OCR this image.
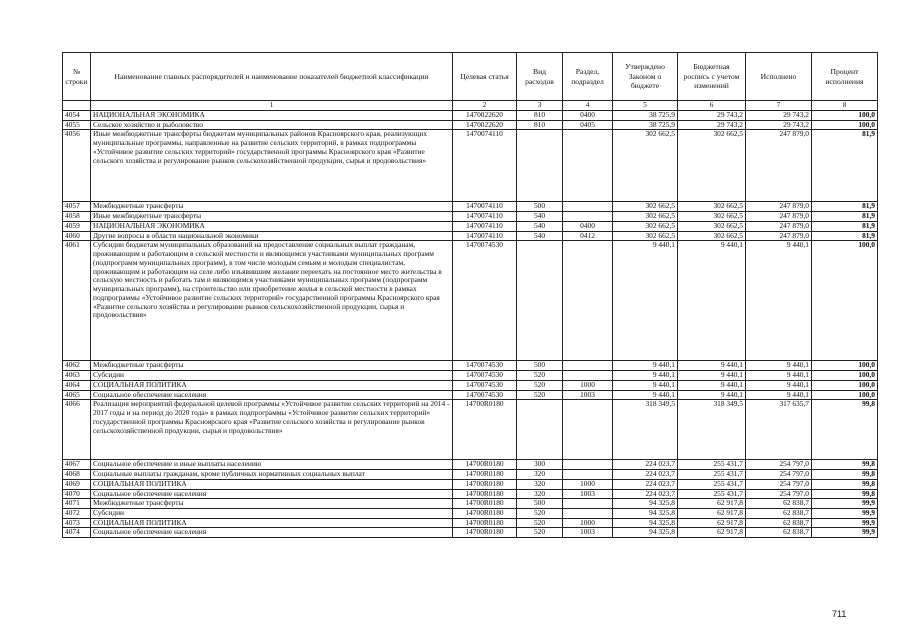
№ строки	Наименование главных распорядителей и наименование показателей бюджетной классификации	Целевая статья	Вид расходов	Раздел, подраздел	Утверждено Законом о бюджете	Бюджетная роспись с учетом изменений	Исполнено	Процент исполнения
	1	2	3	4	5	6	7	8
4054	НАЦИОНАЛЬНАЯ ЭКОНОМИКА	1470022620	810	0400	38 725,9	29 743,2	29 743,2	100,0
4055	Сельское хозяйство и рыболовство	1470022620	810	0405	38 725,9	29 743,2	29 743,2	100,0
4056	Иные межбюджетные трансферты бюджетам муниципальных районов Красноярского края, реализующих муниципальные программы, направленные на развитие сельских территорий, в рамках подпрограммы «Устойчивое развитие сельских территорий» государственной программы Красноярского края «Развитие сельского хозяйства и регулирование рынков сельскохозяйственной продукции, сырья и продовольствия»	1470074110			302 662,5	302 662,5	247 879,0	81,9
4057	Межбюджетные трансферты	1470074110	500		302 662,5	302 662,5	247 879,0	81,9
4058	Иные межбюджетные трансферты	1470074110	540		302 662,5	302 662,5	247 879,0	81,9
4059	НАЦИОНАЛЬНАЯ ЭКОНОМИКА	1470074110	540	0400	302 662,5	302 662,5	247 879,0	81,9
4060	Другие вопросы в области национальной экономики	1470074110	540	0412	302 662,5	302 662,5	247 879,0	81,9
4061	Субсидии бюджетам муниципальных образований на предоставление социальных выплат гражданам, проживающим и работающим в сельской местности и являющимся участниками муниципальных программ (подпрограмм муниципальных программ), в том числе молодым семьям и молодым специалистам, проживающим и работающим на селе либо изъявившим желание переехать на постоянное место жительства в сельскую местность и работать там и являющимся участниками муниципальных программ (подпрограмм муниципальных программ), на строительство или приобретение жилья в сельской местности в рамках подпрограммы «Устойчивое развитие сельских территорий» государственной программы Красноярского края «Развитие сельского хозяйства и регулирование рынков сельскохозяйственной продукции, сырья и продовольствия»	1470074530			9 440,1	9 440,1	9 440,1	100,0
4062	Межбюджетные трансферты	1470074530	500		9 440,1	9 440,1	9 440,1	100,0
4063	Субсидии	1470074530	520		9 440,1	9 440,1	9 440,1	100,0
4064	СОЦИАЛЬНАЯ ПОЛИТИКА	1470074530	520	1000	9 440,1	9 440,1	9 440,1	100,0
4065	Социальное обеспечение населения	1470074530	520	1003	9 440,1	9 440,1	9 440,1	100,0
4066	Реализация мероприятий федеральной целевой программы «Устойчивое развитие сельских территорий на 2014 - 2017 годы и на период до 2020 года» в рамках подпрограммы «Устойчивое развитие сельских территорий» государственной программы Красноярского края «Развитие сельского хозяйства и регулирование рынков сельскохозяйственной продукции, сырья и продовольствия»	14700R0180			318 349,5	318 349,5	317 635,7	99,8
4067	Социальное обеспечение и иные выплаты населению	14700R0180	300		224 023,7	255 431,7	254 797,0	99,8
4068	Социальные выплаты гражданам, кроме публичных нормативных социальных выплат	14700R0180	320		224 023,7	255 431,7	254 797,0	99,8
4069	СОЦИАЛЬНАЯ ПОЛИТИКА	14700R0180	320	1000	224 023,7	255 431,7	254 797,0	99,8
4070	Социальное обеспечение населения	14700R0180	320	1003	224 023,7	255 431,7	254 797,0	99,8
4071	Межбюджетные трансферты	14700R0180	500		94 325,8	62 917,8	62 838,7	99,9
4072	Субсидии	14700R0180	520		94 325,8	62 917,8	62 838,7	99,9
4073	СОЦИАЛЬНАЯ ПОЛИТИКА	14700R0180	520	1000	94 325,8	62 917,8	62 838,7	99,9
4074	Социальное обеспечение населения	14700R0180	520	1003	94 325,8	62 917,8	62 838,7	99,9
711
